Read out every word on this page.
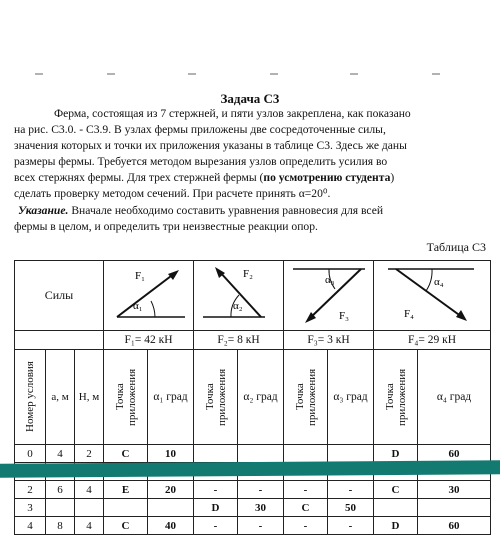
Задача С3
Ферма, состоящая из 7 стержней, и пяти узлов закреплена, как показано
на рис. С3.0. - С3.9. В узлах фермы приложены две сосредоточенные силы,
значения которых и точки их приложения указаны в таблице С3. Здесь же даны
размеры фермы. Требуется методом вырезания узлов определить усилия во
всех стержнях фермы. Для трех стержней фермы (по усмотрению студента)
сделать проверку методом сечений. При расчете принять α=20⁰.
Указание. Вначале необходимо составить уравнения равновесия для всей
фермы в целом, и определить три неизвестные реакции опор.
Таблица С3
Силы			α₁
F₁		α₂
F₂		α₃
F₃		α₄
F₄	

			F₁= 42 кН		F₂= 8 кН		F₃= 3 кН		F₄= 29 кН	

Номер условия	а, м	Н, м	Точка приложения	α₁ град	Точка приложения	α₂ град	Точка приложения	α₃ град	Точка приложения	α₄ град
0	4	2	C	10					D	60

2	6	4	E	20	-	-	-	-	C	30
3					D	30	C	50		
4	8	4	C	40	-	-	-	-	D	60
